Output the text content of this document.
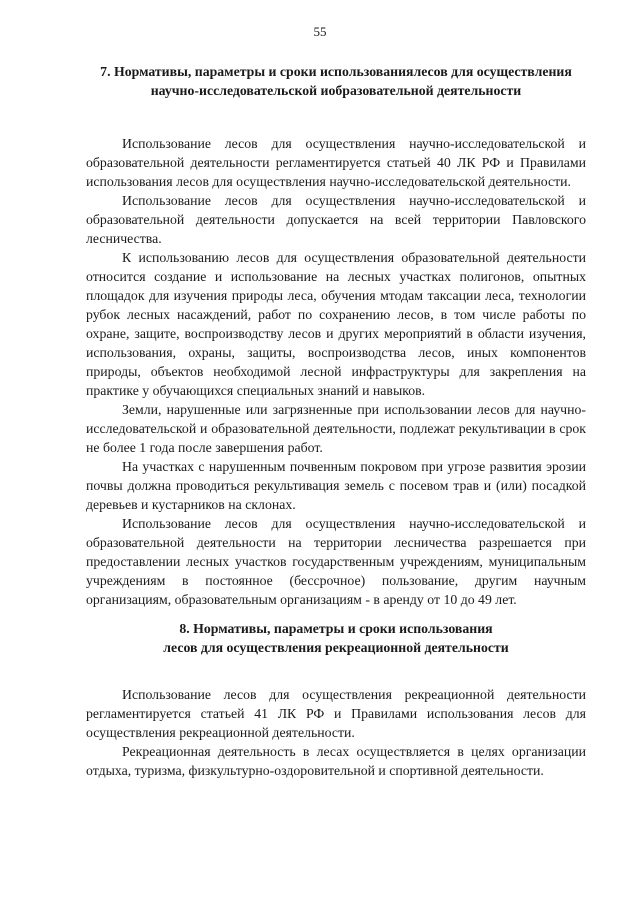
55
7. Нормативы, параметры и сроки использованиялесов для осуществления
научно-исследовательской иобразовательной деятельности

Использование лесов для осуществления научно-исследовательской и образовательной деятельности регламентируется статьей 40 ЛК РФ и Правилами использования лесов для осуществления научно-исследовательской деятельности.

Использование лесов для осуществления научно-исследовательской и образовательной деятельности допускается на всей территории Павловского лесничества.

К использованию лесов для осуществления образовательной деятельности относится создание и использование на лесных участках полигонов, опытных площадок для изучения природы леса, обучения мтодам таксации леса, технологии рубок лесных насаждений, работ по сохранению лесов, в том числе работы по охране, защите, воспроизводству лесов и других мероприятий в области изучения, использования, охраны, защиты, воспроизводства лесов, иных компонентов природы, объектов необходимой лесной инфраструктуры для закрепления на практике у обучающихся специальных знаний и навыков.

Земли, нарушенные или загрязненные при использовании лесов для научно-исследовательской и образовательной деятельности, подлежат рекультивации в срок не более 1 года после завершения работ.

На участках с нарушенным почвенным покровом при угрозе развития эрозии почвы должна проводиться рекультивация земель с посевом трав и (или) посадкой деревьев и кустарников на склонах.

Использование лесов для осуществления научно-исследовательской и образовательной деятельности на территории лесничества разрешается при предоставлении лесных участков государственным учреждениям, муниципальным учреждениям в постоянное (бессрочное) пользование, другим научным организациям, образовательным организациям - в аренду от 10 до 49 лет.

8. Нормативы, параметры и сроки использования
лесов для осуществления рекреационной деятельности

Использование лесов для осуществления рекреационной деятельности регламентируется статьей 41 ЛК РФ и Правилами использования лесов для осуществления рекреационной деятельности.

Рекреационная деятельность в лесах осуществляется в целях организации отдыха, туризма, физкультурно-оздоровительной и спортивной деятельности.
